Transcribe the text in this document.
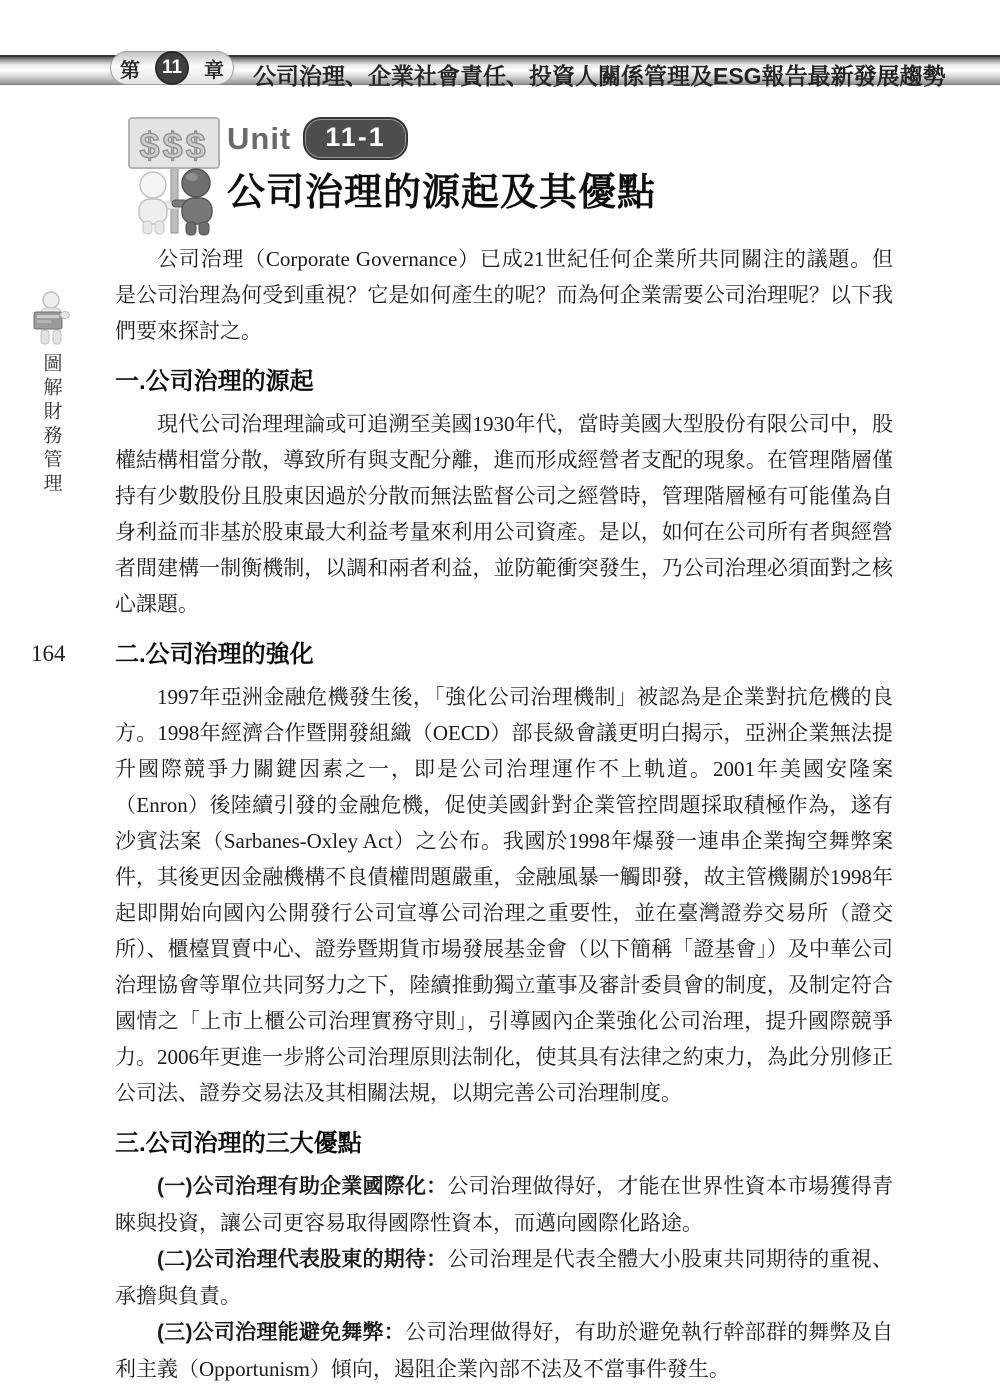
第	11	章 公司治理、企業社會責任、投資人關係管理及ESG報告最新發展趨勢
圖解財務管理
164
$$$ Unit	11-1
公司治理的源起及其優點

公司治理（Corporate Governance）已成21世紀任何企業所共同關注的議題。但是公司治理為何受到重視？它是如何產生的呢？而為何企業需要公司治理呢？以下我們要來探討之。

一.公司治理的源起

現代公司治理理論或可追溯至美國1930年代，當時美國大型股份有限公司中，股權結構相當分散，導致所有與支配分離，進而形成經營者支配的現象。在管理階層僅持有少數股份且股東因過於分散而無法監督公司之經營時，管理階層極有可能僅為自身利益而非基於股東最大利益考量來利用公司資產。是以，如何在公司所有者與經營者間建構一制衡機制，以調和兩者利益，並防範衝突發生，乃公司治理必須面對之核心課題。

二.公司治理的強化

1997年亞洲金融危機發生後，「強化公司治理機制」被認為是企業對抗危機的良方。1998年經濟合作暨開發組織（OECD）部長級會議更明白揭示，亞洲企業無法提升國際競爭力關鍵因素之一，即是公司治理運作不上軌道。2001年美國安隆案（Enron）後陸續引發的金融危機，促使美國針對企業管控問題採取積極作為，遂有沙賓法案（Sarbanes-Oxley Act）之公布。我國於1998年爆發一連串企業掏空舞弊案件，其後更因金融機構不良債權問題嚴重，金融風暴一觸即發，故主管機關於1998年起即開始向國內公開發行公司宣導公司治理之重要性，並在臺灣證券交易所（證交所）、櫃檯買賣中心、證券暨期貨市場發展基金會（以下簡稱「證基會」）及中華公司治理協會等單位共同努力之下，陸續推動獨立董事及審計委員會的制度，及制定符合國情之「上市上櫃公司治理實務守則」，引導國內企業強化公司治理，提升國際競爭力。2006年更進一步將公司治理原則法制化，使其具有法律之約束力，為此分別修正公司法、證券交易法及其相關法規，以期完善公司治理制度。

三.公司治理的三大優點

(一)公司治理有助企業國際化：公司治理做得好，才能在世界性資本市場獲得青睞與投資，讓公司更容易取得國際性資本，而邁向國際化路途。

(二)公司治理代表股東的期待：公司治理是代表全體大小股東共同期待的重視、承擔與負責。

(三)公司治理能避免舞弊：公司治理做得好，有助於避免執行幹部群的舞弊及自利主義（Opportunism）傾向，遏阻企業內部不法及不當事件發生。
